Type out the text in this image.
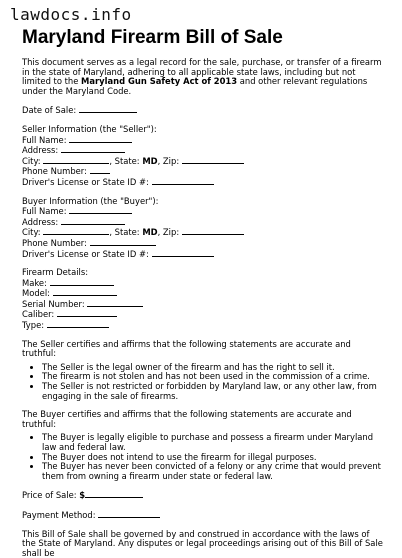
lawdocs.info
Maryland Firearm Bill of Sale

This document serves as a legal record for the sale, purchase, or transfer of a firearm in the state of Maryland, adhering to all applicable state laws, including but not limited to the Maryland Gun Safety Act of 2013 and other relevant regulations under the Maryland Code.

Date of Sale:
Seller Information (the "Seller"):
Full Name:
Address:
City:	, State: MD, Zip:
Phone Number:
Driver's License or State ID #:
Buyer Information (the "Buyer"):
Full Name:
Address:
City:	, State: MD, Zip:
Phone Number:
Driver's License or State ID #:
Firearm Details:
Make:
Model:
Serial Number:
Caliber:
Type:

The Seller certifies and affirms that the following statements are accurate and truthful:

• The Seller is the legal owner of the firearm and has the right to sell it.
• The firearm is not stolen and has not been used in the commission of a crime.
• The Seller is not restricted or forbidden by Maryland law, or any other law, from engaging in the sale of firearms.

The Buyer certifies and affirms that the following statements are accurate and truthful:

• The Buyer is legally eligible to purchase and possess a firearm under Maryland law and federal law.
• The Buyer does not intend to use the firearm for illegal purposes.
• The Buyer has never been convicted of a felony or any crime that would prevent them from owning a firearm under state or federal law.
Price of Sale: $
Payment Method:

This Bill of Sale shall be governed by and construed in accordance with the laws of the State of Maryland. Any disputes or legal proceedings arising out of this Bill of Sale shall be
